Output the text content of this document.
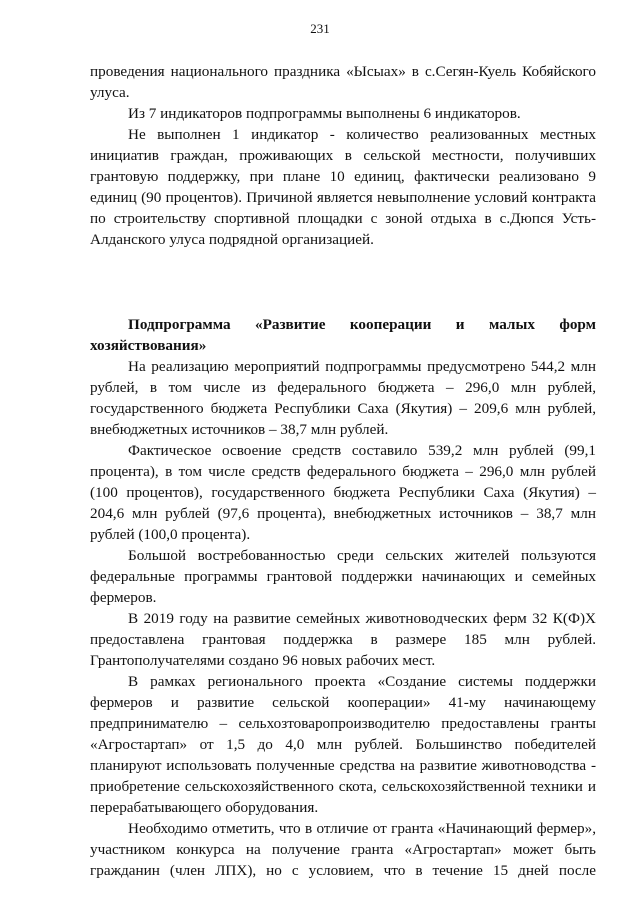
231
проведения национального праздника «Ысыах» в с.Сегян-Куель Кобяйского
улуса.
Из 7 индикаторов подпрограммы выполнены 6 индикаторов.
Не выполнен 1 индикатор - количество реализованных местных
инициатив граждан, проживающих в сельской местности, получивших
грантовую поддержку, при плане 10 единиц, фактически реализовано 9
единиц (90 процентов). Причиной является невыполнение условий контракта
по строительству спортивной площадки с зоной отдыха в с.Дюпся Усть-
Алданского улуса подрядной организацией.
Подпрограмма «Развитие кооперации и малых форм
хозяйствования»
На реализацию мероприятий подпрограммы предусмотрено 544,2 млн
рублей, в том числе из федерального бюджета – 296,0 млн рублей,
государственного бюджета Республики Саха (Якутия) – 209,6 млн рублей,
внебюджетных источников – 38,7 млн рублей.
Фактическое освоение средств составило 539,2 млн рублей (99,1
процента), в том числе средств федерального бюджета – 296,0 млн рублей
(100 процентов), государственного бюджета Республики Саха (Якутия) –
204,6 млн рублей (97,6 процента), внебюджетных источников – 38,7 млн
рублей (100,0 процента).
Большой востребованностью среди сельских жителей пользуются
федеральные программы грантовой поддержки начинающих и семейных
фермеров.
В 2019 году на развитие семейных животноводческих ферм 32 К(Ф)Х
предоставлена грантовая поддержка в размере 185 млн рублей.
Грантополучателями создано 96 новых рабочих мест.
В рамках регионального проекта «Создание системы поддержки
фермеров и развитие сельской кооперации» 41-му начинающему
предпринимателю – сельхозтоваропроизводителю предоставлены гранты
«Агростартап» от 1,5 до 4,0 млн рублей. Большинство победителей
планируют использовать полученные средства на развитие животноводства -
приобретение сельскохозяйственного скота, сельскохозяйственной техники и
перерабатывающего оборудования.
Необходимо отметить, что в отличие от гранта «Начинающий фермер»,
участником конкурса на получение гранта «Агростартап» может быть
гражданин (член ЛПХ), но с условием, что в течение 15 дней после
